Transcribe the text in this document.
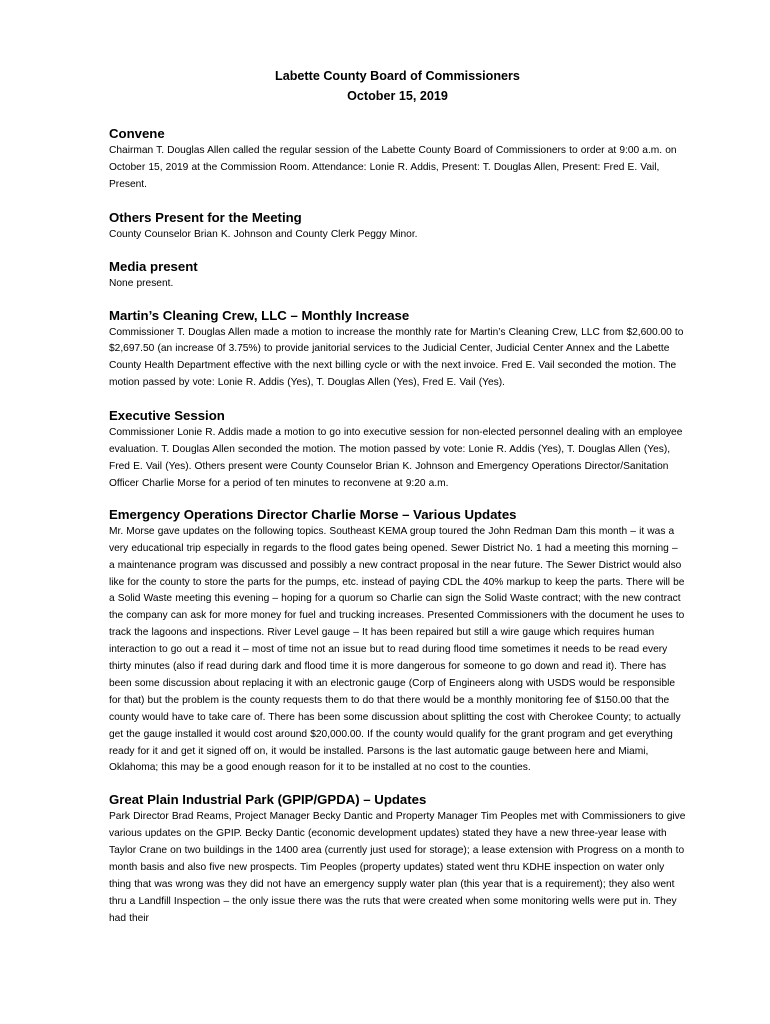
Labette County Board of Commissioners

October 15, 2019

Convene

Chairman T. Douglas Allen called the regular session of the Labette County Board of Commissioners to order at 9:00 a.m. on October 15, 2019 at the Commission Room. Attendance: Lonie R. Addis, Present: T. Douglas Allen, Present: Fred E. Vail, Present.

Others Present for the Meeting

County Counselor Brian K. Johnson and County Clerk Peggy Minor.

Media present

None present.

Martin’s Cleaning Crew, LLC – Monthly Increase

Commissioner T. Douglas Allen made a motion to increase the monthly rate for Martin’s Cleaning Crew, LLC from $2,600.00 to $2,697.50 (an increase 0f 3.75%) to provide janitorial services to the Judicial Center, Judicial Center Annex and the Labette County Health Department effective with the next billing cycle or with the next invoice. Fred E. Vail seconded the motion. The motion passed by vote: Lonie R. Addis (Yes), T. Douglas Allen (Yes), Fred E. Vail (Yes).

Executive Session

Commissioner Lonie R. Addis made a motion to go into executive session for non-elected personnel dealing with an employee evaluation. T. Douglas Allen seconded the motion. The motion passed by vote: Lonie R. Addis (Yes), T. Douglas Allen (Yes), Fred E. Vail (Yes). Others present were County Counselor Brian K. Johnson and Emergency Operations Director/Sanitation Officer Charlie Morse for a period of ten minutes to reconvene at 9:20 a.m.

Emergency Operations Director Charlie Morse – Various Updates

Mr. Morse gave updates on the following topics. Southeast KEMA group toured the John Redman Dam this month – it was a very educational trip especially in regards to the flood gates being opened. Sewer District No. 1 had a meeting this morning – a maintenance program was discussed and possibly a new contract proposal in the near future. The Sewer District would also like for the county to store the parts for the pumps, etc. instead of paying CDL the 40% markup to keep the parts. There will be a Solid Waste meeting this evening – hoping for a quorum so Charlie can sign the Solid Waste contract; with the new contract the company can ask for more money for fuel and trucking increases. Presented Commissioners with the document he uses to track the lagoons and inspections. River Level gauge – It has been repaired but still a wire gauge which requires human interaction to go out a read it – most of time not an issue but to read during flood time sometimes it needs to be read every thirty minutes (also if read during dark and flood time it is more dangerous for someone to go down and read it). There has been some discussion about replacing it with an electronic gauge (Corp of Engineers along with USDS would be responsible for that) but the problem is the county requests them to do that there would be a monthly monitoring fee of $150.00 that the county would have to take care of. There has been some discussion about splitting the cost with Cherokee County; to actually get the gauge installed it would cost around $20,000.00. If the county would qualify for the grant program and get everything ready for it and get it signed off on, it would be installed. Parsons is the last automatic gauge between here and Miami, Oklahoma; this may be a good enough reason for it to be installed at no cost to the counties.

Great Plain Industrial Park (GPIP/GPDA) – Updates

Park Director Brad Reams, Project Manager Becky Dantic and Property Manager Tim Peoples met with Commissioners to give various updates on the GPIP. Becky Dantic (economic development updates) stated they have a new three-year lease with Taylor Crane on two buildings in the 1400 area (currently just used for storage); a lease extension with Progress on a month to month basis and also five new prospects. Tim Peoples (property updates) stated went thru KDHE inspection on water only thing that was wrong was they did not have an emergency supply water plan (this year that is a requirement); they also went thru a Landfill Inspection – the only issue there was the ruts that were created when some monitoring wells were put in. They had their
